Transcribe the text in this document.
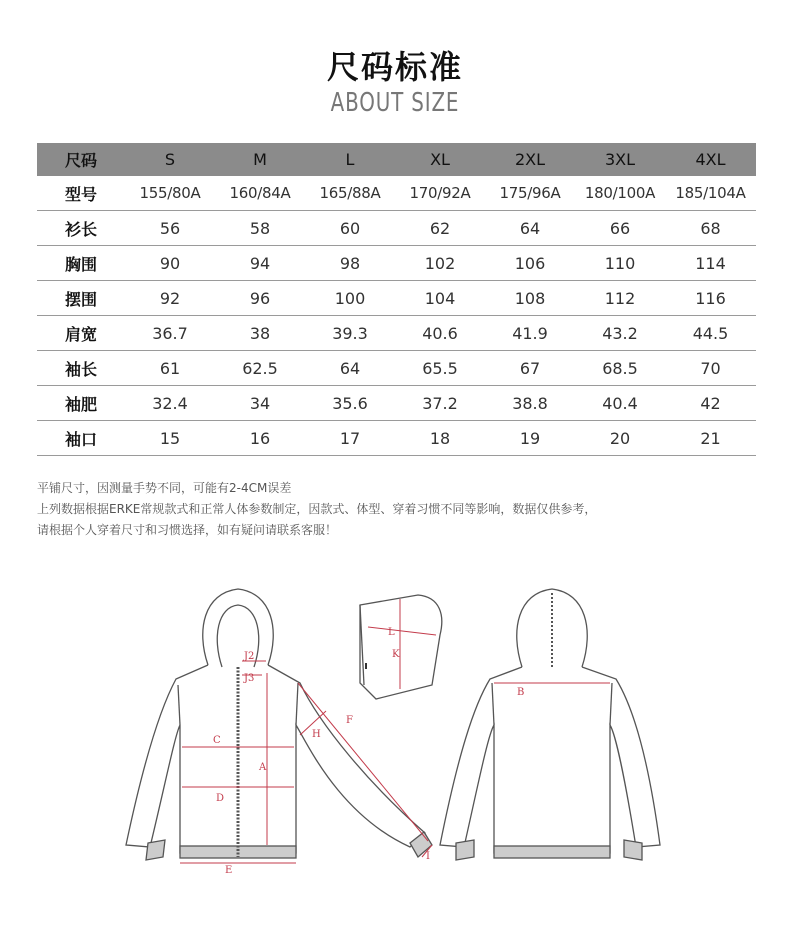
尺码标准
ABOUT SIZE
尺码	S	M	L	XL	2XL	3XL	4XL
型号	155/80A	160/84A	165/88A	170/92A	175/96A	180/100A	185/104A
衫长	56	58	60	62	64	66	68
胸围	90	94	98	102	106	110	114
摆围	92	96	100	104	108	112	116
肩宽	36.7	38	39.3	40.6	41.9	43.2	44.5
袖长	61	62.5	64	65.5	67	68.5	70
袖肥	32.4	34	35.6	37.2	38.8	40.4	42
袖口	15	16	17	18	19	20	21
平铺尺寸，因测量手势不同，可能有2-4CM误差
上列数据根据ERKE常规款式和正常人体参数制定，因款式、体型、穿着习惯不同等影响，数据仅供参考，
请根据个人穿着尺寸和习惯选择，如有疑问请联系客服！
J2
J3
A
C
D
E
F
H
I
L
K
B
